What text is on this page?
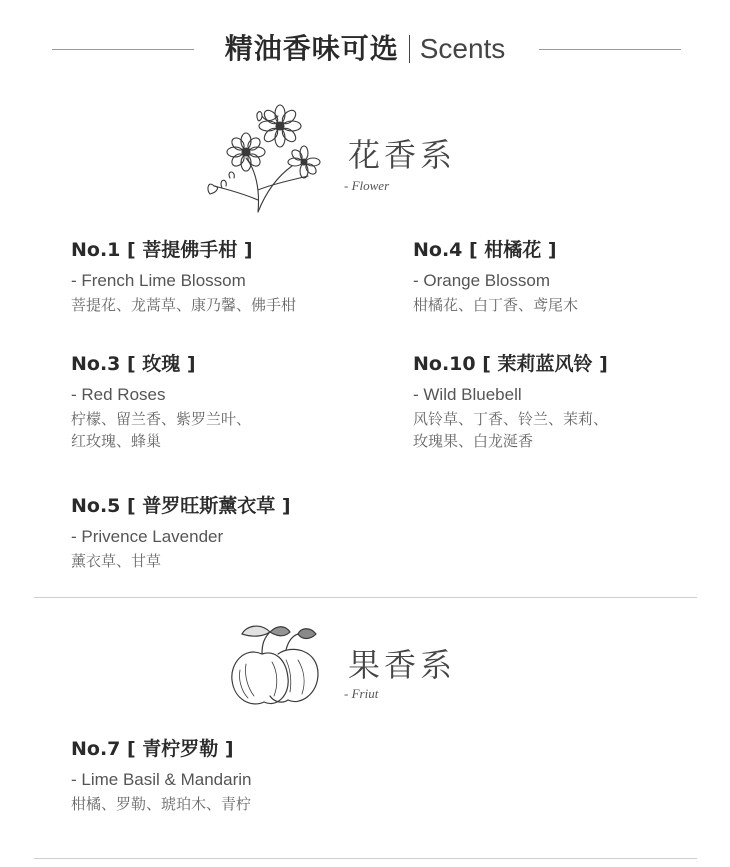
精油香味可选 Scents
花香系
- Flower
No.1 [ 菩提佛手柑 ]
- French Lime Blossom
菩提花、龙蒿草、康乃馨、佛手柑
No.4 [ 柑橘花 ]
- Orange Blossom
柑橘花、白丁香、鸢尾木
No.3 [ 玫瑰 ]
- Red Roses
柠檬、留兰香、紫罗兰叶、
红玫瑰、蜂巢
No.10 [ 茉莉蓝风铃 ]
- Wild Bluebell
风铃草、丁香、铃兰、茉莉、
玫瑰果、白龙涎香
No.5 [ 普罗旺斯薰衣草 ]
- Privence Lavender
薰衣草、甘草
果香系
- Friut
No.7 [ 青柠罗勒 ]
- Lime Basil & Mandarin
柑橘、罗勒、琥珀木、青柠
